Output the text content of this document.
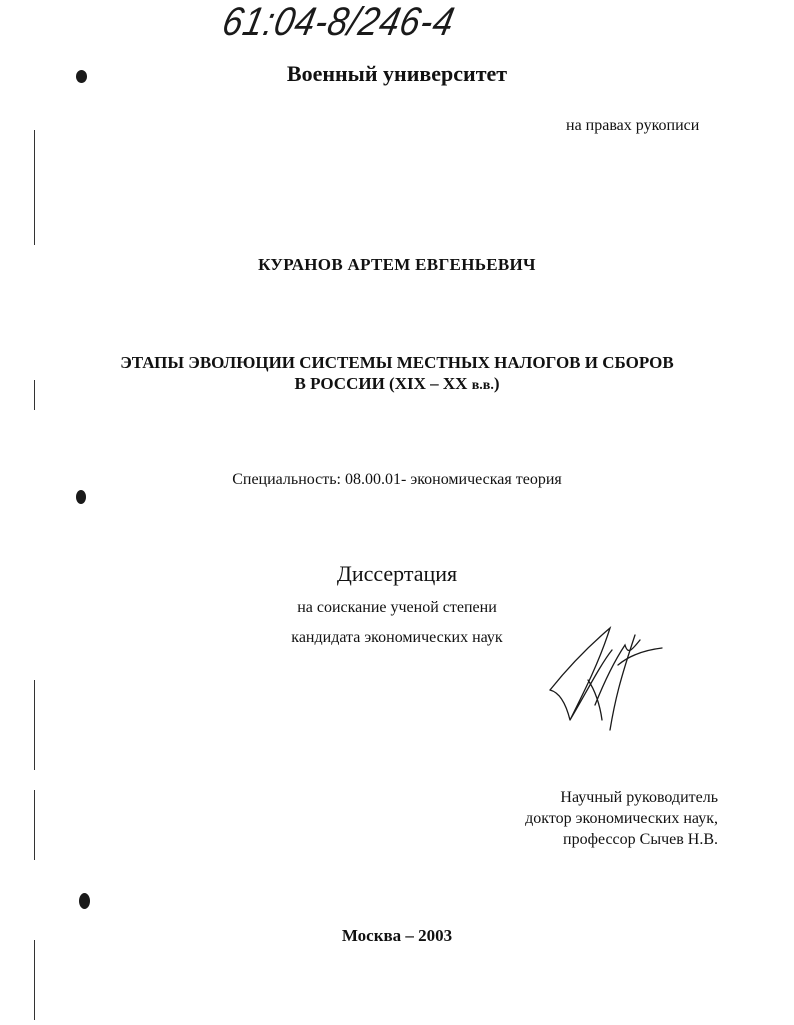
61:04-8/246-4
Военный университет
на правах рукописи
КУРАНОВ АРТЕМ ЕВГЕНЬЕВИЧ
ЭТАПЫ ЭВОЛЮЦИИ СИСТЕМЫ МЕСТНЫХ НАЛОГОВ И СБОРОВ
В РОССИИ (XIX – XX в.в.)
Специальность: 08.00.01- экономическая теория
Диссертация
на соискание ученой степени
кандидата экономических наук
Научный руководитель
доктор экономических наук,
профессор Сычев Н.В.
Москва – 2003
